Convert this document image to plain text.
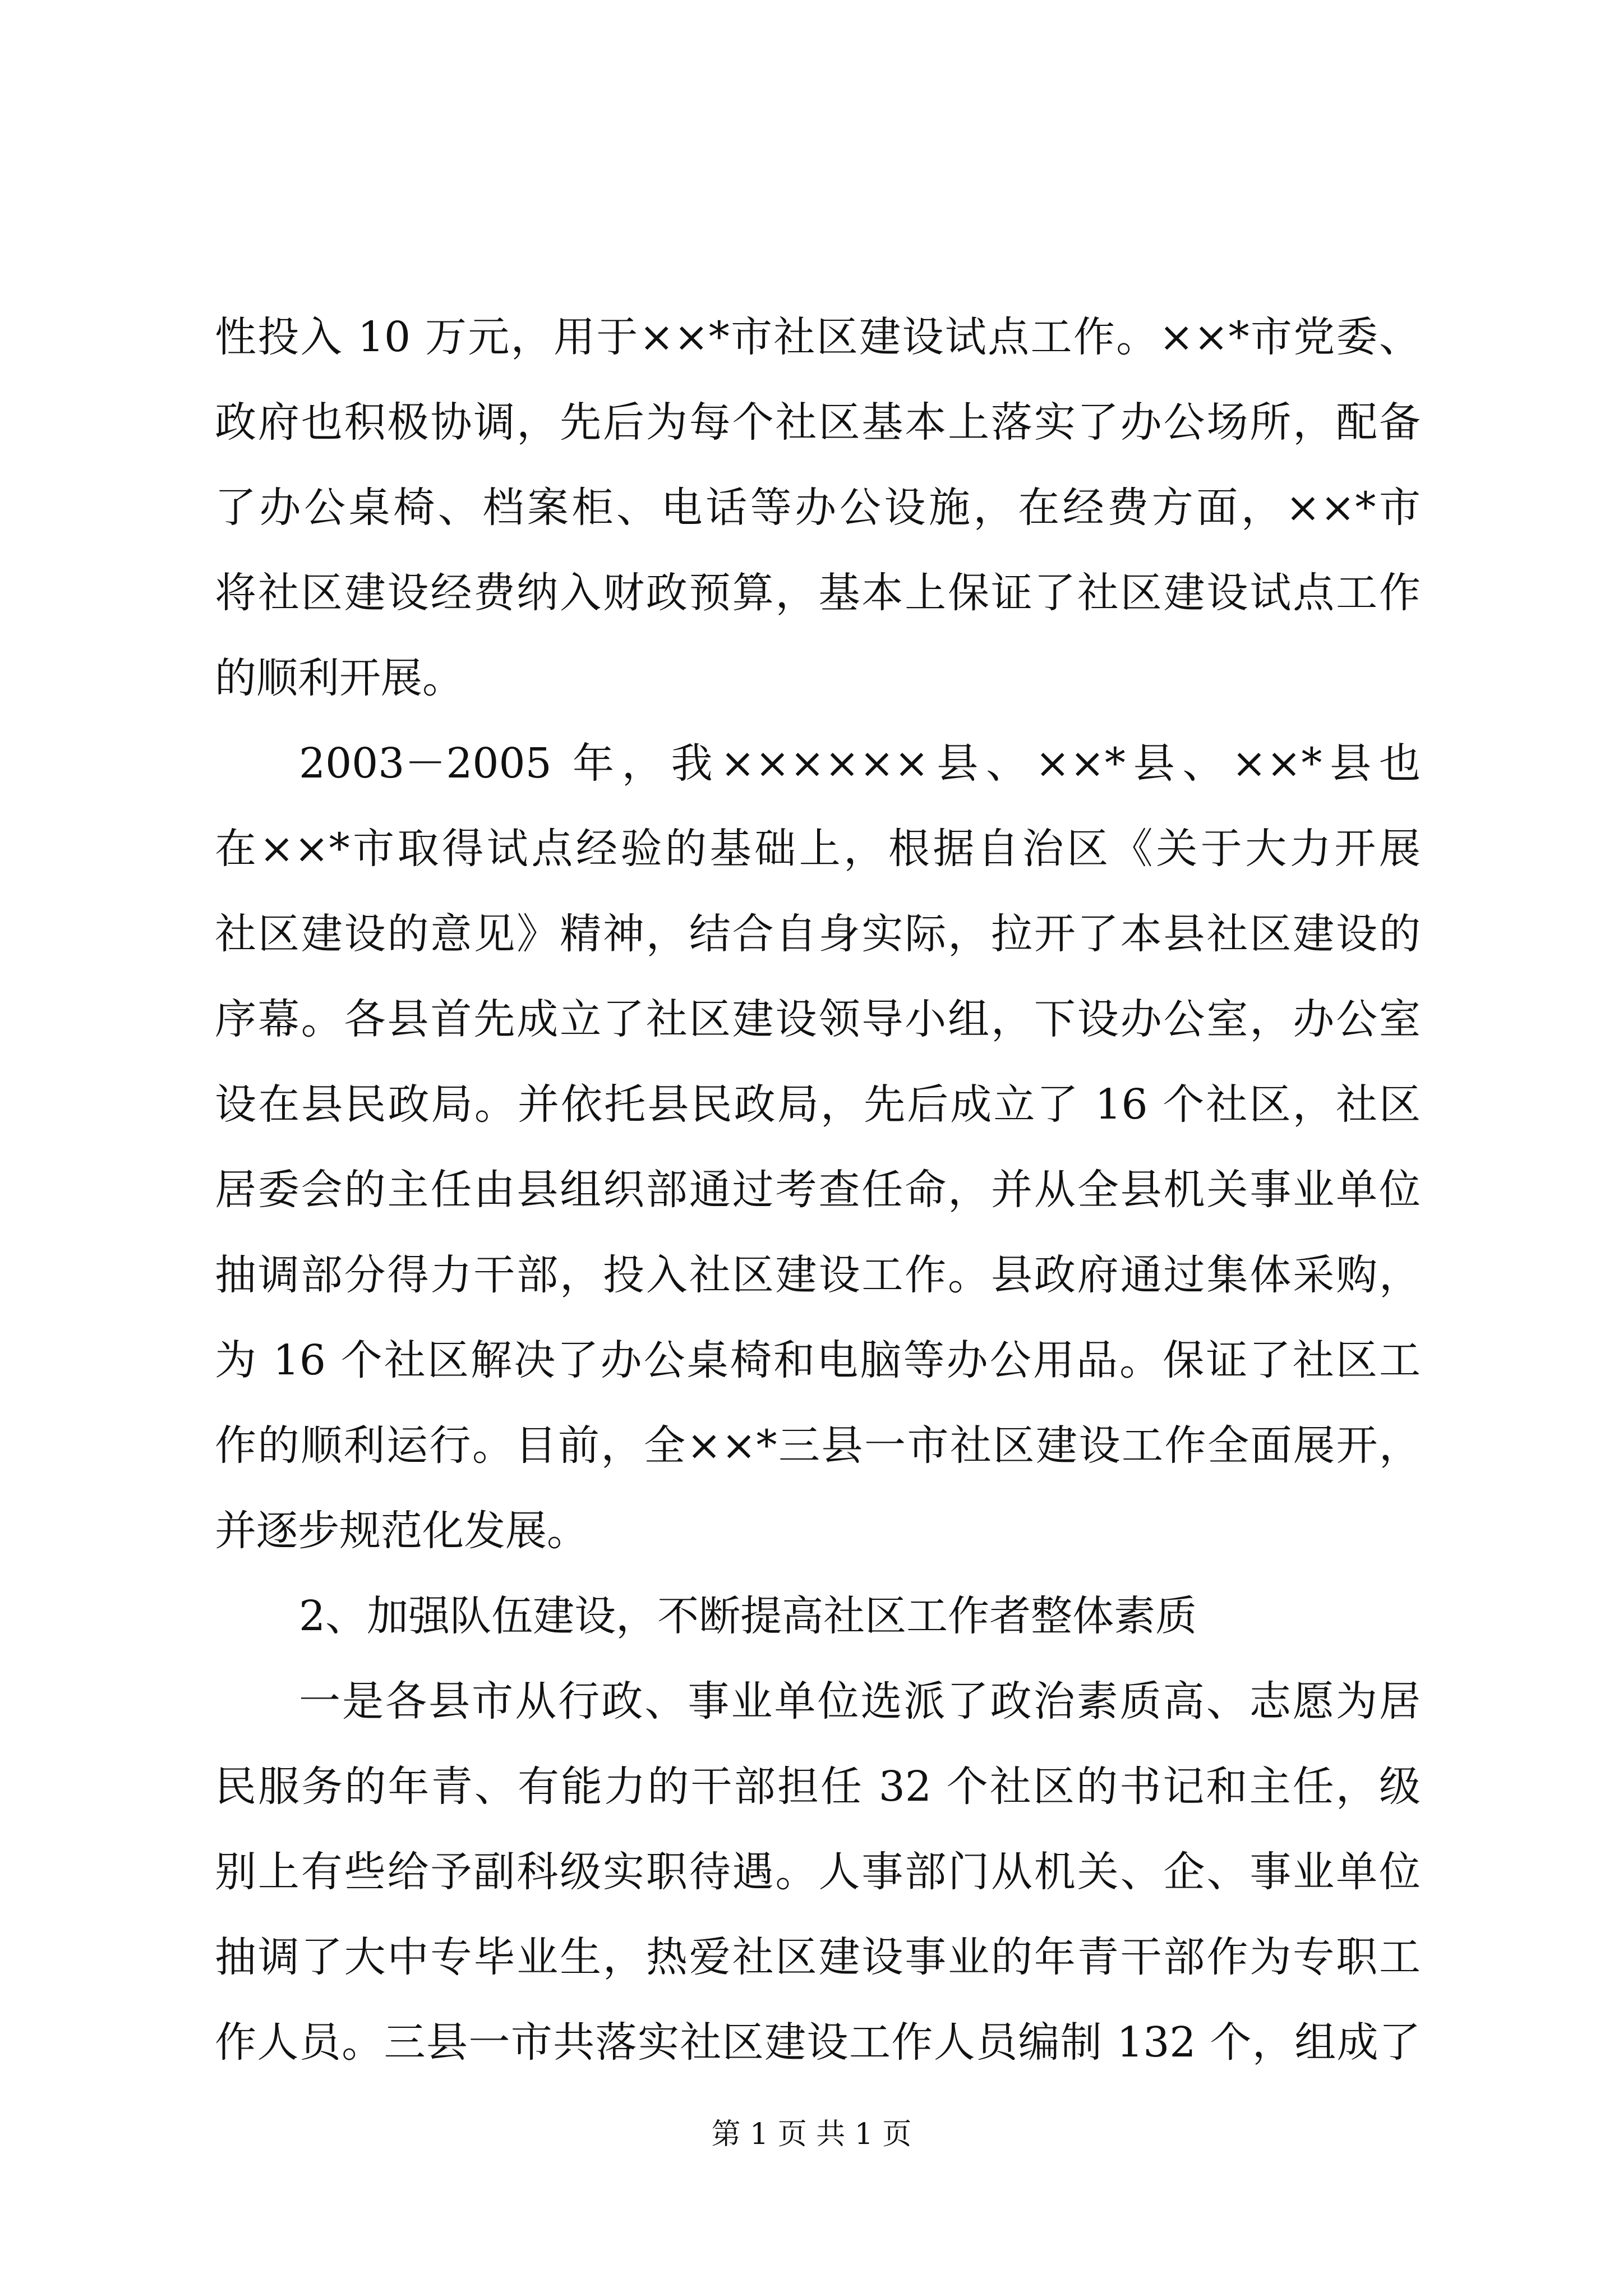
性投入 10 万元，用于××*市社区建设试点工作。××*市党委、
政府也积极协调，先后为每个社区基本上落实了办公场所，配备
了办公桌椅、档案柜、电话等办公设施，在经费方面，××*市
将社区建设经费纳入财政预算，基本上保证了社区建设试点工作
的顺利开展。
2003－2005 年，我××××××县、××*县、××*县也
在××*市取得试点经验的基础上，根据自治区《关于大力开展
社区建设的意见》精神，结合自身实际，拉开了本县社区建设的
序幕。各县首先成立了社区建设领导小组，下设办公室，办公室
设在县民政局。并依托县民政局，先后成立了 16 个社区，社区
居委会的主任由县组织部通过考查任命，并从全县机关事业单位
抽调部分得力干部，投入社区建设工作。县政府通过集体采购，
为 16 个社区解决了办公桌椅和电脑等办公用品。保证了社区工
作的顺利运行。目前，全××*三县一市社区建设工作全面展开，
并逐步规范化发展。
2、加强队伍建设，不断提高社区工作者整体素质
一是各县市从行政、事业单位选派了政治素质高、志愿为居
民服务的年青、有能力的干部担任 32 个社区的书记和主任，级
别上有些给予副科级实职待遇。人事部门从机关、企、事业单位
抽调了大中专毕业生，热爱社区建设事业的年青干部作为专职工
作人员。三县一市共落实社区建设工作人员编制 132 个，组成了
第 1 页 共 1 页
